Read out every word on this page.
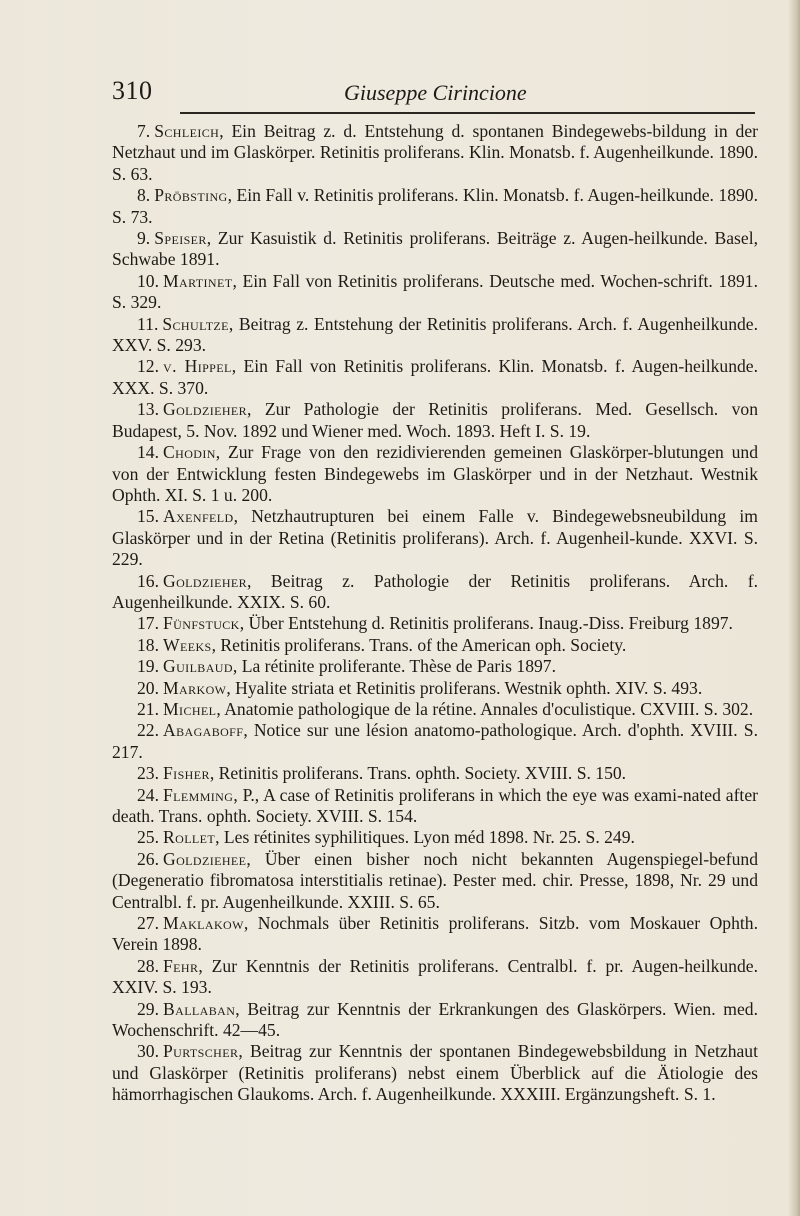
310	Giuseppe Cirincione

7. Schleich, Ein Beitrag z. d. Entstehung d. spontanen Bindegewebs-bildung in der Netzhaut und im Glaskörper. Retinitis proliferans. Klin. Monatsb. f. Augenheilkunde. 1890. S. 63.

8. Pröbsting, Ein Fall v. Retinitis proliferans. Klin. Monatsb. f. Augen-heilkunde. 1890. S. 73.

9. Speiser, Zur Kasuistik d. Retinitis proliferans. Beiträge z. Augen-heilkunde. Basel, Schwabe 1891.

10. Martinet, Ein Fall von Retinitis proliferans. Deutsche med. Wochen-schrift. 1891. S. 329.

11. Schultze, Beitrag z. Entstehung der Retinitis proliferans. Arch. f. Augenheilkunde. XXV. S. 293.

12. v. Hippel, Ein Fall von Retinitis proliferans. Klin. Monatsb. f. Augen-heilkunde. XXX. S. 370.

13. Goldzieher, Zur Pathologie der Retinitis proliferans. Med. Gesellsch. von Budapest, 5. Nov. 1892 und Wiener med. Woch. 1893. Heft I. S. 19.

14. Chodin, Zur Frage von den rezidivierenden gemeinen Glaskörper-blutungen und von der Entwicklung festen Bindegewebs im Glaskörper und in der Netzhaut. Westnik Ophth. XI. S. 1 u. 200.

15. Axenfeld, Netzhautrupturen bei einem Falle v. Bindegewebsneubildung im Glaskörper und in der Retina (Retinitis proliferans). Arch. f. Augenheil-kunde. XXVI. S. 229.

16. Goldzieher, Beitrag z. Pathologie der Retinitis proliferans. Arch. f. Augenheilkunde. XXIX. S. 60.

17. Fünfstuck, Über Entstehung d. Retinitis proliferans. Inaug.-Diss. Freiburg 1897.

18. Weeks, Retinitis proliferans. Trans. of the American oph. Society.

19. Guilbaud, La rétinite proliferante. Thèse de Paris 1897.

20. Markow, Hyalite striata et Retinitis proliferans. Westnik ophth. XIV. S. 493.

21. Michel, Anatomie pathologique de la rétine. Annales d'oculistique. CXVIII. S. 302.

22. Abagaboff, Notice sur une lésion anatomo-pathologique. Arch. d'ophth. XVIII. S. 217.

23. Fisher, Retinitis proliferans. Trans. ophth. Society. XVIII. S. 150.

24. Flemming, P., A case of Retinitis proliferans in which the eye was exami-nated after death. Trans. ophth. Society. XVIII. S. 154.

25. Rollet, Les rétinites syphilitiques. Lyon méd 1898. Nr. 25. S. 249.

26. Goldziehee, Über einen bisher noch nicht bekannten Augenspiegel-befund (Degeneratio fibromatosa interstitialis retinae). Pester med. chir. Presse, 1898, Nr. 29 und Centralbl. f. pr. Augenheilkunde. XXIII. S. 65.

27. Maklakow, Nochmals über Retinitis proliferans. Sitzb. vom Moskauer Ophth. Verein 1898.

28. Fehr, Zur Kenntnis der Retinitis proliferans. Centralbl. f. pr. Augen-heilkunde. XXIV. S. 193.

29. Ballaban, Beitrag zur Kenntnis der Erkrankungen des Glaskörpers. Wien. med. Wochenschrift. 42—45.

30. Purtscher, Beitrag zur Kenntnis der spontanen Bindegewebsbildung in Netzhaut und Glaskörper (Retinitis proliferans) nebst einem Überblick auf die Ätiologie des hämorrhagischen Glaukoms. Arch. f. Augenheilkunde. XXXIII. Ergänzungsheft. S. 1.
